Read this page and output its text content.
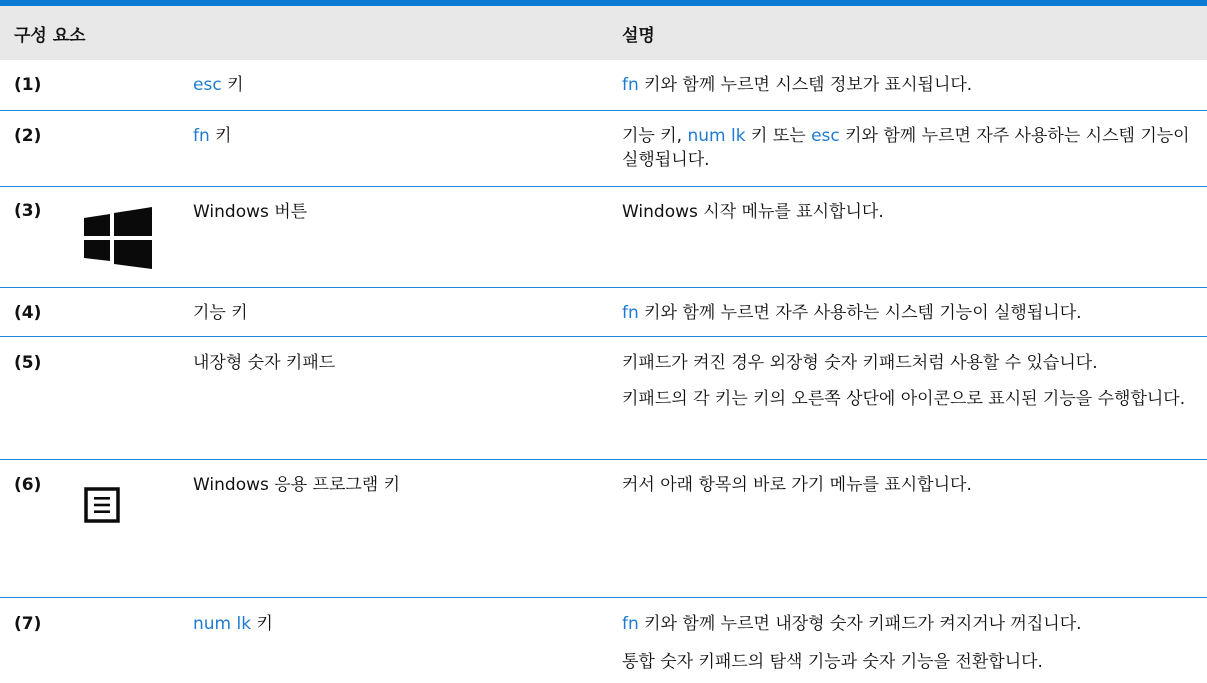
구성 요소	설명
(1)	esc 키	fn 키와 함께 누르면 시스템 정보가 표시됩니다.
(2)	fn 키	기능 키, num lk 키 또는 esc 키와 함께 누르면 자주 사용하는 시스템 기능이 실행됩니다.
(3)	Windows 버튼	Windows 시작 메뉴를 표시합니다.
(4)	기능 키	fn 키와 함께 누르면 자주 사용하는 시스템 기능이 실행됩니다.
(5)	내장형 숫자 키패드	키패드가 켜진 경우 외장형 숫자 키패드처럼 사용할 수 있습니다.

키패드의 각 키는 키의 오른쪽 상단에 아이콘으로 표시된 기능을 수행합니다.

(6)	Windows 응용 프로그램 키	커서 아래 항목의 바로 가기 메뉴를 표시합니다.
(7)	num lk 키	fn 키와 함께 누르면 내장형 숫자 키패드가 켜지거나 꺼집니다.

통합 숫자 키패드의 탐색 기능과 숫자 기능을 전환합니다.
